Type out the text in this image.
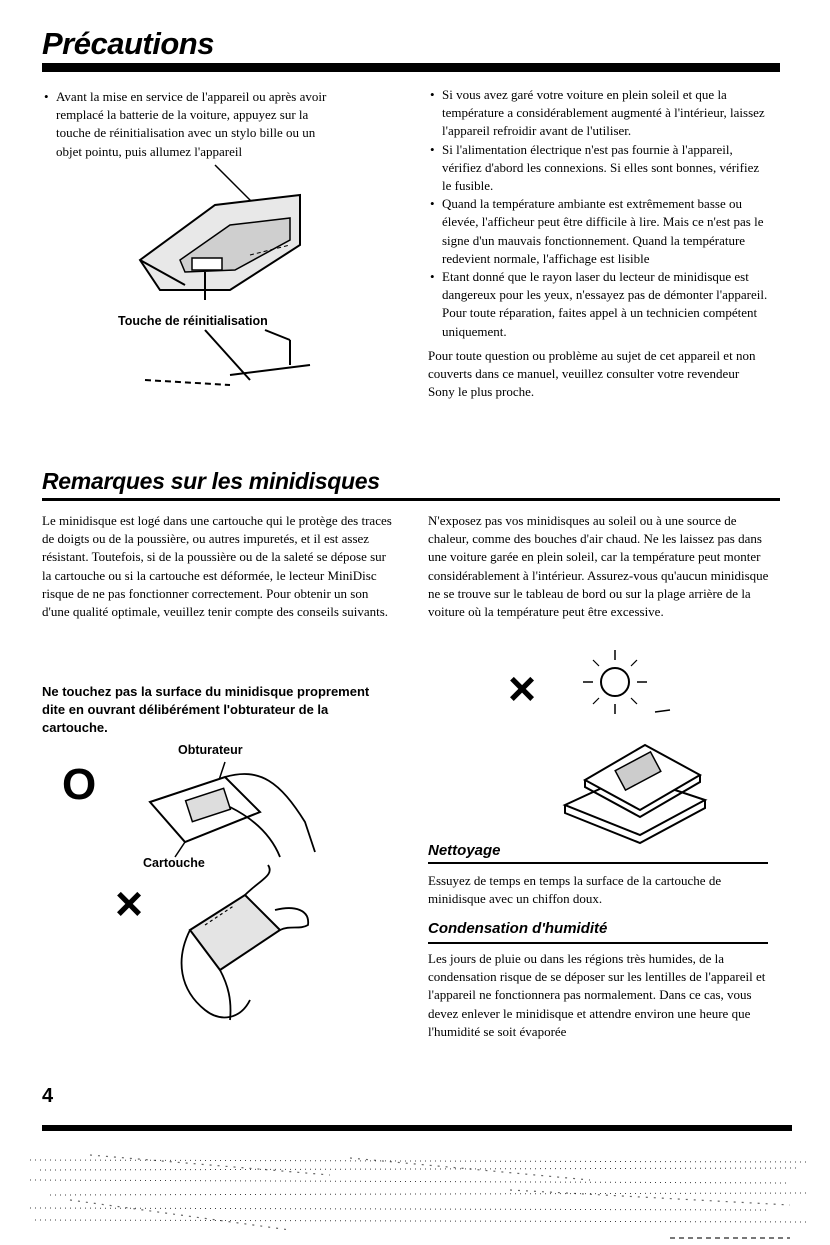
Précautions
• Avant la mise en service de l'appareil ou après avoir remplacé la batterie de la voiture, appuyez sur la touche de réinitialisation avec un stylo bille ou un objet pointu, puis allumez l'appareil
Touche de réinitialisation
• Si vous avez garé votre voiture en plein soleil et que la température a considérablement augmenté à l'intérieur, laissez l'appareil refroidir avant de l'utiliser.
• Si l'alimentation électrique n'est pas fournie à l'appareil, vérifiez d'abord les connexions. Si elles sont bonnes, vérifiez le fusible.
• Quand la température ambiante est extrêmement basse ou élevée, l'afficheur peut être difficile à lire. Mais ce n'est pas le signe d'un mauvais fonctionnement. Quand la température redevient normale, l'affichage est lisible
• Etant donné que le rayon laser du lecteur de minidisque est dangereux pour les yeux, n'essayez pas de démonter l'appareil. Pour toute réparation, faites appel à un technicien compétent uniquement.

Pour toute question ou problème au sujet de cet appareil et non couverts dans ce manuel, veuillez consulter votre revendeur Sony le plus proche.

Remarques sur les minidisques
Le minidisque est logé dans une cartouche qui le protège des traces de doigts ou de la poussière, ou autres impuretés, et il est assez résistant. Toutefois, si de la poussière ou de la saleté se dépose sur la cartouche ou si la cartouche est déformée, le lecteur MiniDisc risque de ne pas fonctionner correctement. Pour obtenir un son d'une qualité optimale, veuillez tenir compte des conseils suivants.
Ne touchez pas la surface du minidisque proprement dite en ouvrant délibérément l'obturateur de la cartouche.
Obturateur
O
Cartouche
×
N'exposez pas vos minidisques au soleil ou à une source de chaleur, comme des bouches d'air chaud. Ne les laissez pas dans une voiture garée en plein soleil, car la température peut monter considérablement à l'intérieur. Assurez-vous qu'aucun minidisque ne se trouve sur le tableau de bord ou sur la plage arrière de la voiture où la température peut être excessive.
×
Nettoyage
Essuyez de temps en temps la surface de la cartouche de minidisque avec un chiffon doux.
Condensation d'humidité
Les jours de pluie ou dans les régions très humides, de la condensation risque de se déposer sur les lentilles de l'appareil et l'appareil ne fonctionnera pas normalement. Dans ce cas, vous devez enlever le minidisque et attendre environ une heure que l'humidité se soit évaporée
4
